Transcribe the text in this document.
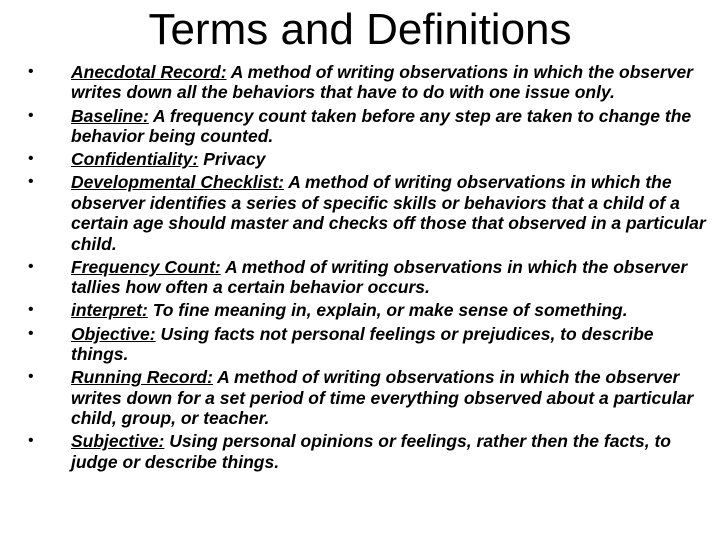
Terms and Definitions
• Anecdotal Record: A method of writing observations in which the observer writes down all the behaviors that have to do with one issue only.
• Baseline: A frequency count taken before any step are taken to change the behavior being counted.
• Confidentiality: Privacy
• Developmental Checklist: A method of writing observations in which the observer identifies a series of specific skills or behaviors that a child of a certain age should master and checks off those that observed in a particular child.
• Frequency Count: A method of writing observations in which the observer tallies how often a certain behavior occurs.
• interpret: To fine meaning in, explain, or make sense of something.
• Objective: Using facts not personal feelings or prejudices, to describe things.
• Running Record: A method of writing observations in which the observer writes down for a set period of time everything observed about a particular child, group, or teacher.
• Subjective: Using personal opinions or feelings, rather then the facts, to judge or describe things.
